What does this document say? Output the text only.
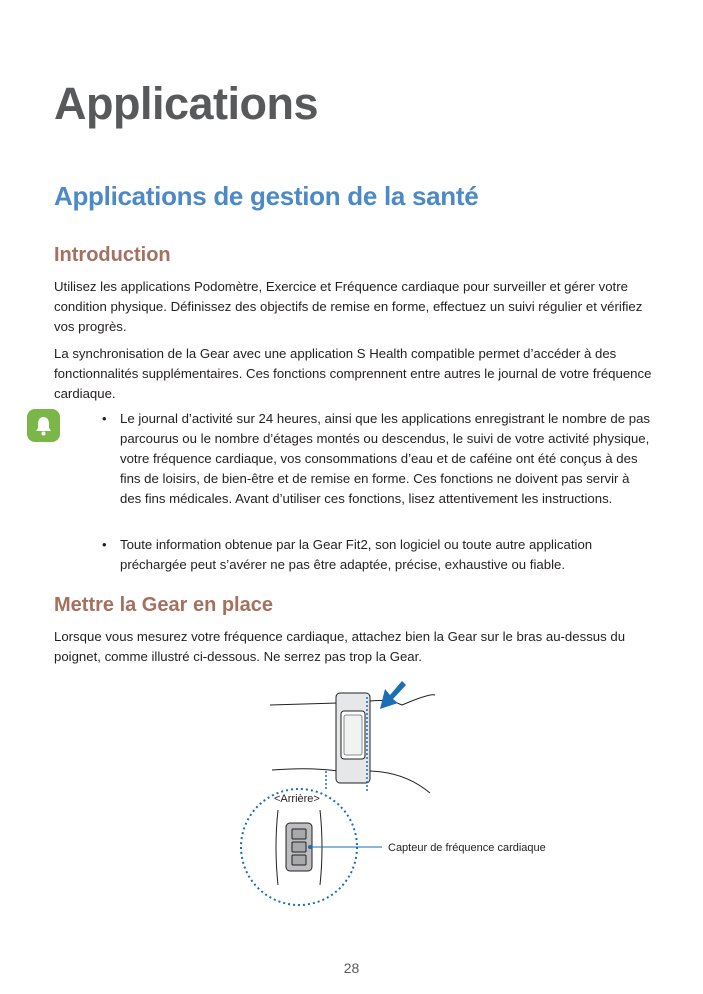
Applications
Applications de gestion de la santé
Introduction
Utilisez les applications Podomètre, Exercice et Fréquence cardiaque pour surveiller et gérer votre condition physique. Définissez des objectifs de remise en forme, effectuez un suivi régulier et vérifiez vos progrès.
La synchronisation de la Gear avec une application S Health compatible permet d’accéder à des fonctionnalités supplémentaires. Ces fonctions comprennent entre autres le journal de votre fréquence cardiaque.
• Le journal d’activité sur 24 heures, ainsi que les applications enregistrant le nombre de pas parcourus ou le nombre d’étages montés ou descendus, le suivi de votre activité physique, votre fréquence cardiaque, vos consommations d’eau et de caféine ont été conçus à des fins de loisirs, de bien-être et de remise en forme. Ces fonctions ne doivent pas servir à des fins médicales. Avant d’utiliser ces fonctions, lisez attentivement les instructions.
• Toute information obtenue par la Gear Fit2, son logiciel ou toute autre application préchargée peut s’avérer ne pas être adaptée, précise, exhaustive ou fiable.
Mettre la Gear en place
Lorsque vous mesurez votre fréquence cardiaque, attachez bien la Gear sur le bras au-dessus du poignet, comme illustré ci-dessous. Ne serrez pas trop la Gear.
<Arrière>
Capteur de fréquence cardiaque
28
